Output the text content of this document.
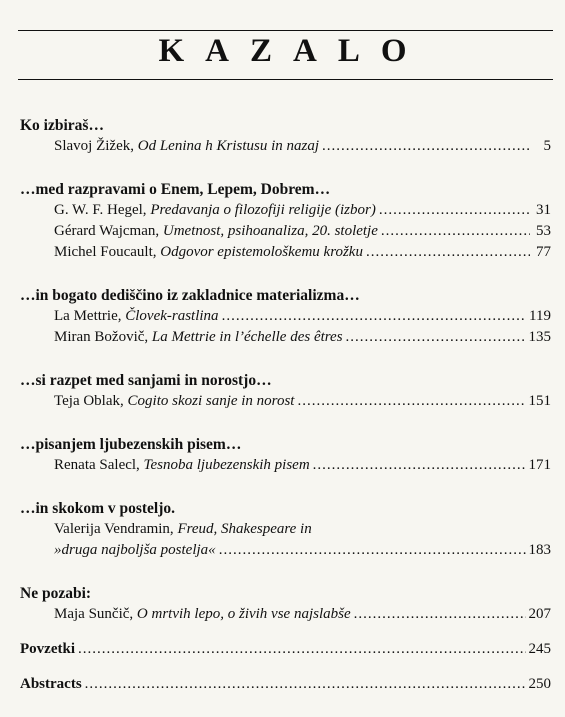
KAZALO
Ko izbiraš…
Slavoj Žižek, Od Lenina h Kristusu in nazaj .....	5
…med razpravami o Enem, Lepem, Dobrem…
G. W. F. Hegel, Predavanja o filozofiji religije (izbor) .....	31
Gérard Wajcman, Umetnost, psihoanaliza, 20. stoletje .....	53
Michel Foucault, Odgovor epistemološkemu krožku .....	77
…in bogato dediščino iz zakladnice materializma…
La Mettrie, Človek-rastlina .....	119
Miran Božovič, La Mettrie in l’échelle des êtres .....	135
…si razpet med sanjami in norostjo…
Teja Oblak, Cogito skozi sanje in norost .....	151
…pisanjem ljubezenskih pisem…
Renata Salecl, Tesnoba ljubezenskih pisem .....	171
…in skokom v posteljo.
Valerija Vendramin, Freud, Shakespeare in
»druga najboljša postelja« .....	183
Ne pozabi:
Maja Sunčič, O mrtvih lepo, o živih vse najslabše .....	207
Povzetki .....	245
Abstracts .....	250
